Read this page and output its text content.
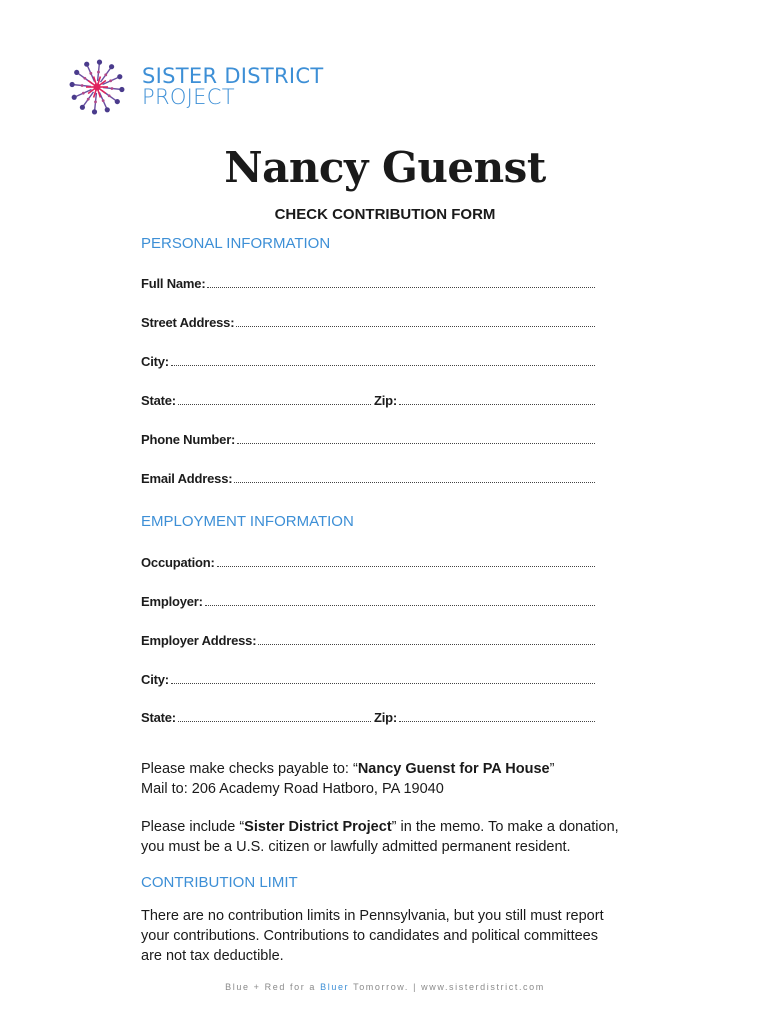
SISTER DISTRICT
PROJECT
Nancy Guenst
CHECK CONTRIBUTION FORM
PERSONAL INFORMATION
Full Name:
Street Address:
City:
State:	Zip:
Phone Number:
Email Address:
EMPLOYMENT INFORMATION
Occupation:
Employer:
Employer Address:
City:
State:	Zip:
Please make checks payable to: “Nancy Guenst for PA House”
Mail to: 206 Academy Road Hatboro, PA 19040
Please include “Sister District Project” in the memo. To make a donation,
you must be a U.S. citizen or lawfully admitted permanent resident.
CONTRIBUTION LIMIT
There are no contribution limits in Pennsylvania, but you still must report
your contributions. Contributions to candidates and political committees
are not tax deductible.
Blue + Red for a Bluer Tomorrow. | www.sisterdistrict.com
